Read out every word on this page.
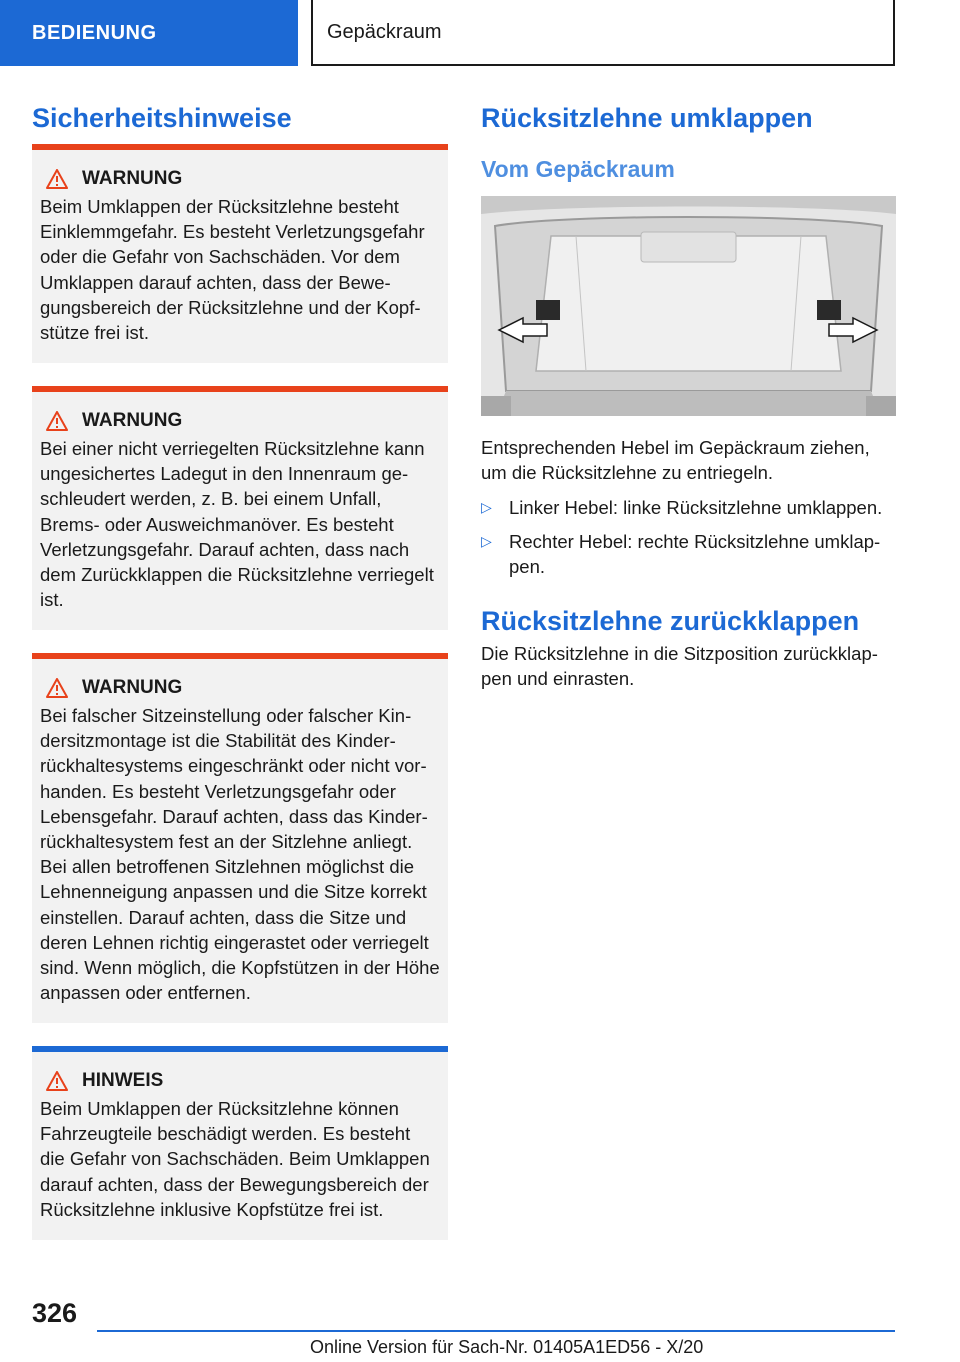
BEDIENUNG	Gepäckraum
Sicherheitshinweise
WARNUNG

Beim Umklappen der Rücksitzlehne besteht Einklemmgefahr. Es besteht Verletzungsgefahr oder die Gefahr von Sachschäden. Vor dem Umklappen darauf achten, dass der Bewegungsbereich der Rücksitzlehne und der Kopfstütze frei ist.

WARNUNG

Bei einer nicht verriegelten Rücksitzlehne kann ungesichertes Ladegut in den Innenraum geschleudert werden, z. B. bei einem Unfall, Brems- oder Ausweichmanöver. Es besteht Verletzungsgefahr. Darauf achten, dass nach dem Zurückklappen die Rücksitzlehne verriegelt ist.

WARNUNG

Bei falscher Sitzeinstellung oder falscher Kindersitzmontage ist die Stabilität des Kinderrückhaltesystems eingeschränkt oder nicht vorhanden. Es besteht Verletzungsgefahr oder Lebensgefahr. Darauf achten, dass das Kinderrückhaltesystem fest an der Sitzlehne anliegt. Bei allen betroffenen Sitzlehnen möglichst die Lehnenneigung anpassen und die Sitze korrekt einstellen. Darauf achten, dass die Sitze und deren Lehnen richtig eingerastet oder verriegelt sind. Wenn möglich, die Kopfstützen in der Höhe anpassen oder entfernen.

HINWEIS

Beim Umklappen der Rücksitzlehne können Fahrzeugteile beschädigt werden. Es besteht die Gefahr von Sachschäden. Beim Umklappen darauf achten, dass der Bewegungsbereich der Rücksitzlehne inklusive Kopfstütze frei ist.

Rücksitzlehne umklappen
Vom Gepäckraum

Entsprechenden Hebel im Gepäckraum ziehen, um die Rücksitzlehne zu entriegeln.

▷ Linker Hebel: linke Rücksitzlehne umklappen.
▷ Rechter Hebel: rechte Rücksitzlehne umklappen.
Rücksitzlehne zurückklappen

Die Rücksitzlehne in die Sitzposition zurückklappen und einrasten.

326
Online Version für Sach-Nr. 01405A1ED56 - X/20
